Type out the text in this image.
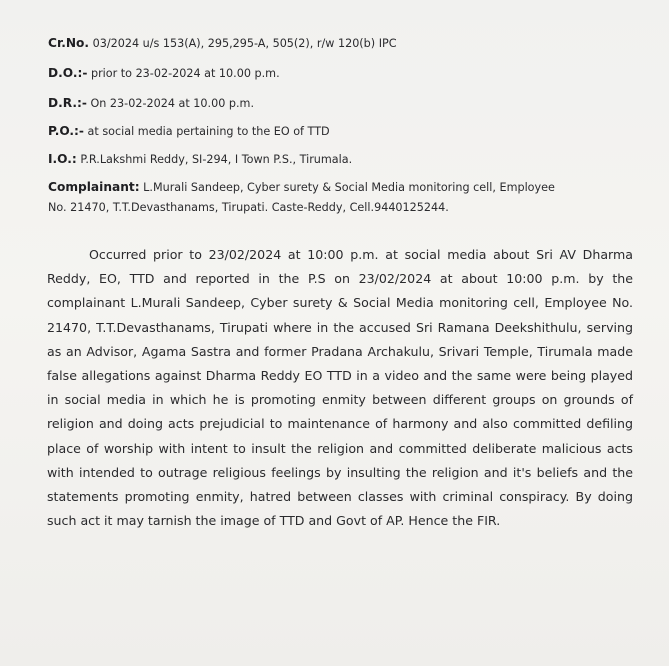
Cr.No. 03/2024 u/s 153(A), 295,295-A, 505(2), r/w 120(b) IPC
D.O.:- prior to 23-02-2024 at 10.00 p.m.
D.R.:- On 23-02-2024 at 10.00 p.m.
P.O.:- at social media pertaining to the EO of TTD
I.O.: P.R.Lakshmi Reddy, SI-294, I Town P.S., Tirumala.
Complainant: L.Murali Sandeep, Cyber surety & Social Media monitoring cell, Employee
No. 21470, T.T.Devasthanams, Tirupati. Caste-Reddy, Cell.9440125244.
Occurred prior to 23/02/2024 at 10:00 p.m. at social media about Sri AV Dharma Reddy, EO, TTD and reported in the P.S on 23/02/2024 at about 10:00 p.m. by the complainant L.Murali Sandeep, Cyber surety & Social Media monitoring cell, Employee No. 21470, T.T.Devasthanams, Tirupati where in the accused Sri Ramana Deekshithulu, serving as an Advisor, Agama Sastra and former Pradana Archakulu, Srivari Temple, Tirumala made false allegations against Dharma Reddy EO TTD in a video and the same were being played in social media in which he is promoting enmity between different groups on grounds of religion and doing acts prejudicial to maintenance of harmony and also committed defiling place of worship with intent to insult the religion and committed deliberate malicious acts with intended to outrage religious feelings by insulting the religion and it's beliefs and the statements promoting enmity, hatred between classes with criminal conspiracy. By doing such act it may tarnish the image of TTD and Govt of AP. Hence the FIR.
